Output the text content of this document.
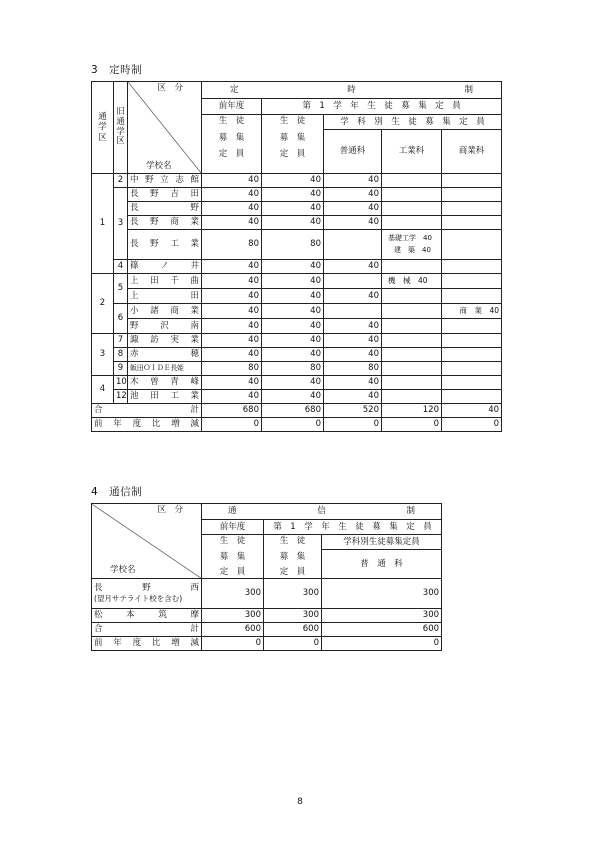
3　定時制
通学区	旧通学区	区　分
学校名	定 時 制				

			前年度	第　1　学　年　生　徒　募　集　定　員			

			生　徒
募　集
定　員	生　徒
募　集
定　員	学　科　別　生　徒　募　集　定　員		
					普通科	工業科	商業科

1	2	中野立志館	40	40	40		
	3	長野吉田	40	40	40		
		長野	40	40	40		
		長野商業	40	40	40		
		長野工業	80	80		基礎工学　40
建　築　40	

	4	篠ノ井	40	40	40		
2	5	上田千曲	40	40		機　械　40	
		上田	40	40	40		
	6	小諸商業	40	40			商　業　40
		野沢南	40	40	40		
3	7	諏訪実業	40	40	40		
	8	赤穂	40	40	40		
	9	飯田ＯＩＤＥ長姫	80	80	80		
4	10	木曽青峰	40	40	40		
	12	池田工業	40	40	40		
合　計			680	680	520	120	40
前年度比増減			0	0	0	0	0
4　通信制
区　分
学校名	通 信 制		

	前年度	第　1　学　年　生　徒　募　集　定　員	

	生　徒
募　集
定　員	生　徒
募　集
定　員	学科別生徒募集定員
			普　通　科

長野西
(望月サテライト校を含む)	300	300	300
松本筑摩	300	300	300
合　計	600	600	600
前年度比増減	0	0	0
8
